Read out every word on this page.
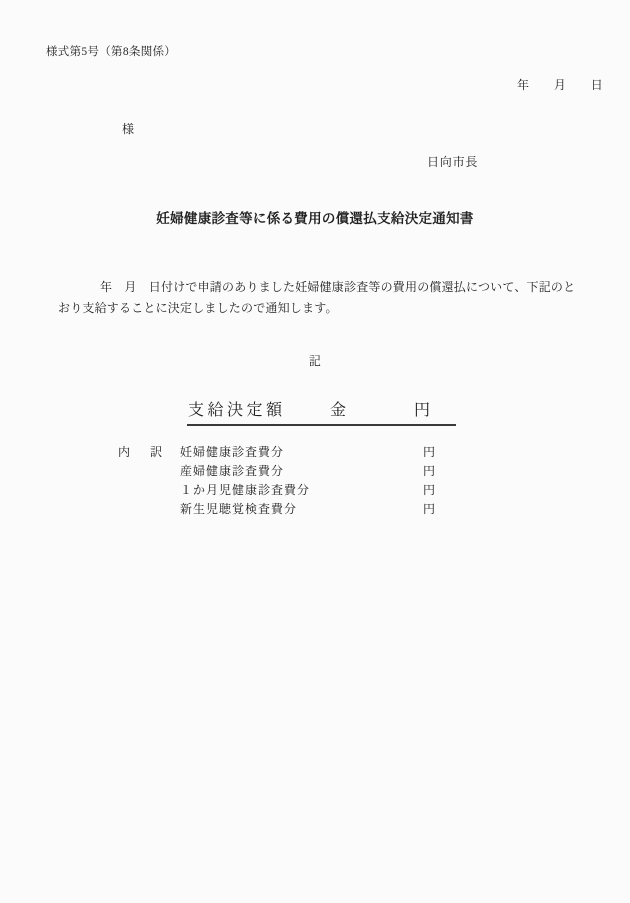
様式第5号（第8条関係）
年　　月　　日
様
日向市長
妊婦健康診査等に係る費用の償還払支給決定通知書
年　月　日付けで申請のありました妊婦健康診査等の費用の償還払について、下記のと
おり支給することに決定しましたので通知します。
記
支給決定額	金	円
内 訳 妊婦健康診査費分	円
産婦健康診査費分	円
１か月児健康診査費分	円
新生児聴覚検査費分	円
